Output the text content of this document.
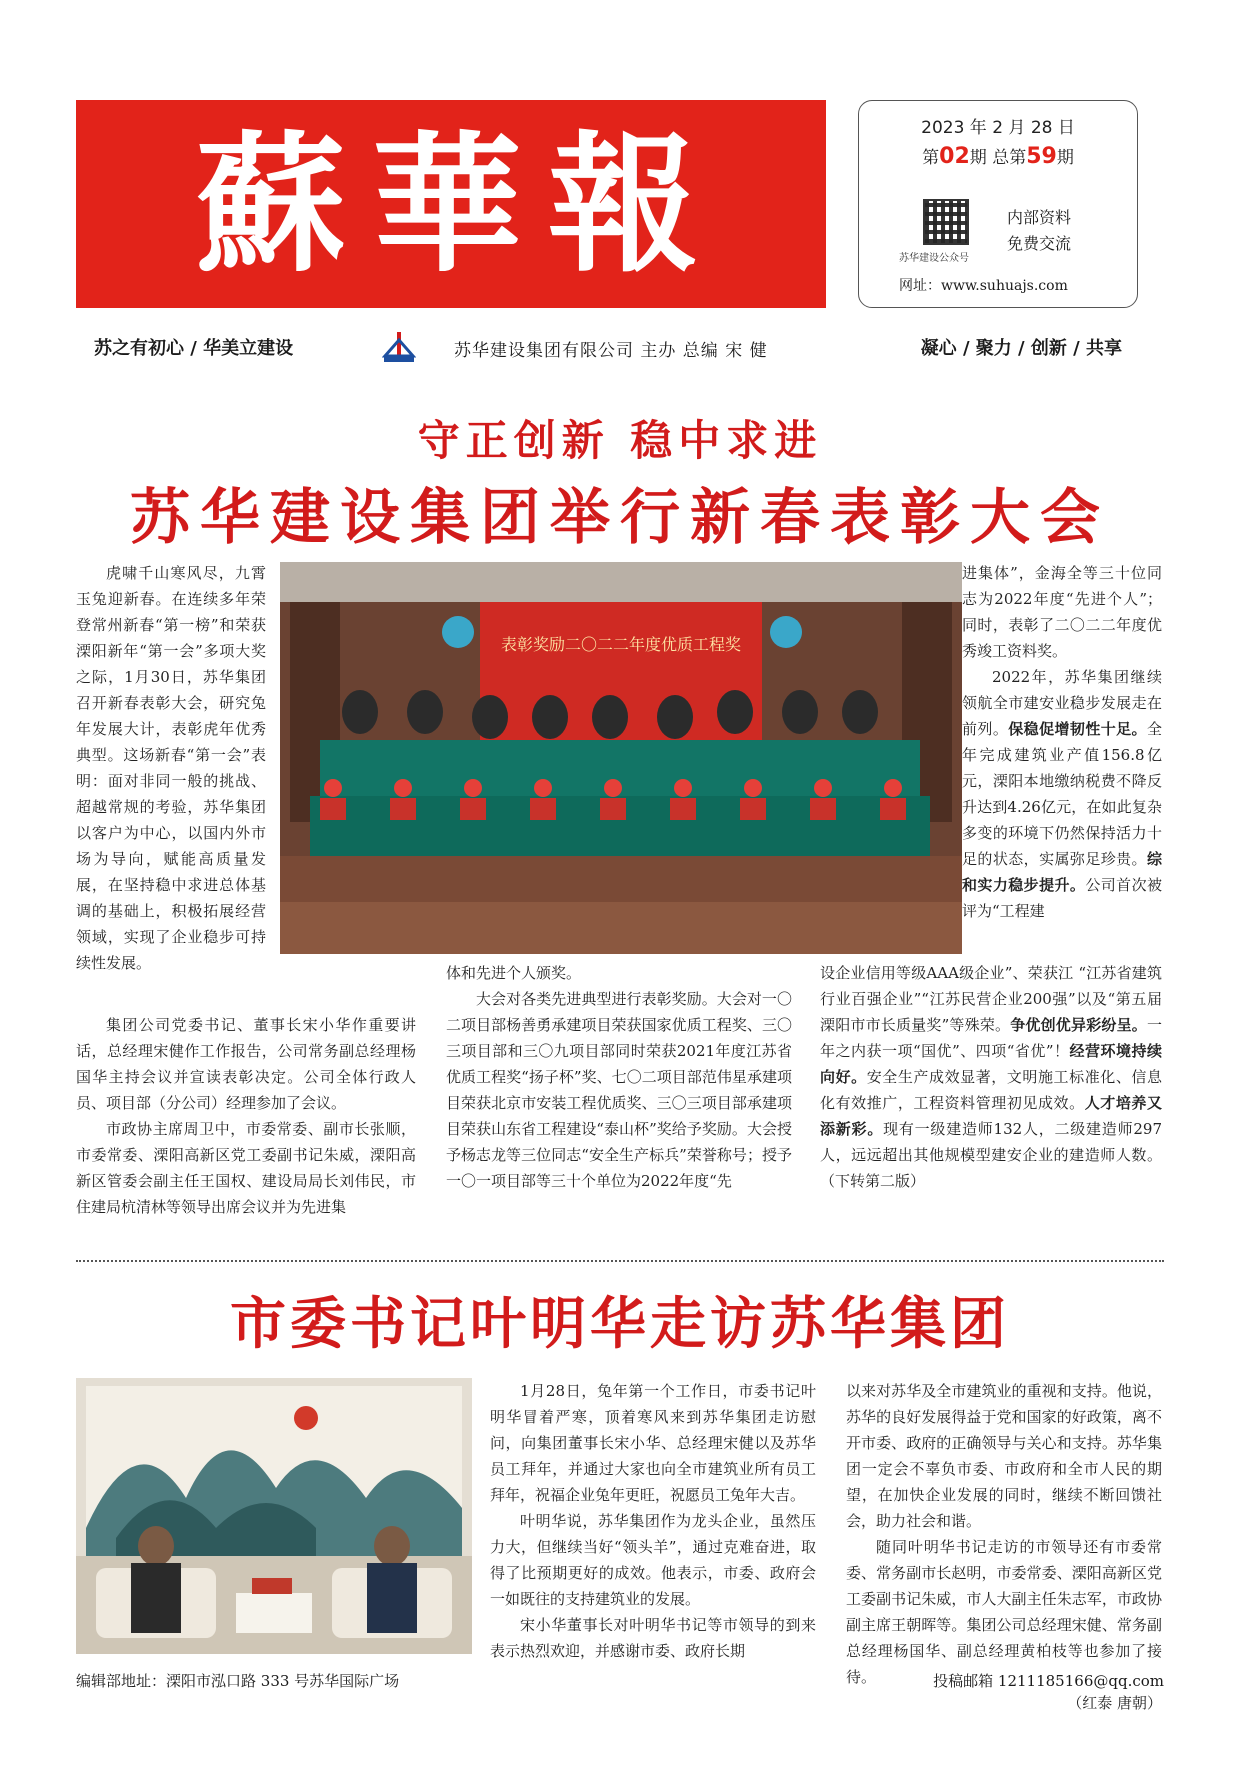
蘇華報	2023 年 2 月 28 日
第02期 总第59期
苏华建设公众号
内部资料
免费交流
网址：www.suhuajs.com
苏之有初心 / 华美立建设	苏华建设集团有限公司 主办 总编 宋 健	凝心 / 聚力 / 创新 / 共享
守正创新 稳中求进
苏华建设集团举行新春表彰大会

虎啸千山寒风尽，九霄玉兔迎新春。在连续多年荣登常州新春“第一榜”和荣获溧阳新年“第一会”多项大奖之际，1月30日，苏华集团召开新春表彰大会，研究兔年发展大计，表彰虎年优秀典型。这场新春“第一会”表明：面对非同一般的挑战、超越常规的考验，苏华集团以客户为中心，以国内外市场为导向，赋能高质量发展，在坚持稳中求进总体基调的基础上，积极拓展经营领域，实现了企业稳步可持续性发展。

表彰奖励二〇二二年度优质工程奖

进集体”，金海全等三十位同志为2022年度“先进个人”；同时，表彰了二〇二二年度优秀竣工资料奖。

2022年，苏华集团继续领航全市建安业稳步发展走在前列。保稳促增韧性十足。全年完成建筑业产值156.8亿元，溧阳本地缴纳税费不降反升达到4.26亿元，在如此复杂多变的环境下仍然保持活力十足的状态，实属弥足珍贵。综和实力稳步提升。公司首次被评为“工程建

集团公司党委书记、董事长宋小华作重要讲话，总经理宋健作工作报告，公司常务副总经理杨国华主持会议并宣读表彰决定。公司全体行政人员、项目部（分公司）经理参加了会议。

市政协主席周卫中，市委常委、副市长张顺，市委常委、溧阳高新区党工委副书记朱威，溧阳高新区管委会副主任王国权、建设局局长刘伟民，市住建局杭清林等领导出席会议并为先进集

体和先进个人颁奖。

大会对各类先进典型进行表彰奖励。大会对一〇二项目部杨善勇承建项目荣获国家优质工程奖、三〇三项目部和三〇九项目部同时荣获2021年度江苏省优质工程奖“扬子杯”奖、七〇二项目部范伟星承建项目荣获北京市安装工程优质奖、三〇三项目部承建项目荣获山东省工程建设“泰山杯”奖给予奖励。大会授予杨志龙等三位同志“安全生产标兵”荣誉称号；授予一〇一项目部等三十个单位为2022年度“先

设企业信用等级AAA级企业”、荣获江 “江苏省建筑行业百强企业”“江苏民营企业200强”以及“第五届溧阳市市长质量奖”等殊荣。争优创优异彩纷呈。一年之内获一项“国优”、四项“省优”！经营环境持续向好。安全生产成效显著，文明施工标准化、信息化有效推广，工程资料管理初见成效。人才培养又添新彩。现有一级建造师132人，二级建造师297人，远远超出其他规模型建安企业的建造师人数。（下转第二版）

市委书记叶明华走访苏华集团

1月28日，兔年第一个工作日，市委书记叶明华冒着严寒，顶着寒风来到苏华集团走访慰问，向集团董事长宋小华、总经理宋健以及苏华员工拜年，并通过大家也向全市建筑业所有员工拜年，祝福企业兔年更旺，祝愿员工兔年大吉。

叶明华说，苏华集团作为龙头企业，虽然压力大，但继续当好“领头羊”，通过克难奋进，取得了比预期更好的成效。他表示，市委、政府会一如既往的支持建筑业的发展。

宋小华董事长对叶明华书记等市领导的到来表示热烈欢迎，并感谢市委、政府长期

以来对苏华及全市建筑业的重视和支持。他说，苏华的良好发展得益于党和国家的好政策，离不开市委、政府的正确领导与关心和支持。苏华集团一定会不辜负市委、市政府和全市人民的期望，在加快企业发展的同时，继续不断回馈社会，助力社会和谐。

随同叶明华书记走访的市领导还有市委常委、常务副市长赵明，市委常委、溧阳高新区党工委副书记朱威，市人大副主任朱志军，市政协副主席王朝晖等。集团公司总经理宋健、常务副总经理杨国华、副总经理黄柏枝等也参加了接待。

（红泰 唐朝）
编辑部地址：溧阳市泓口路 333 号苏华国际广场	投稿邮箱 1211185166@qq.com
